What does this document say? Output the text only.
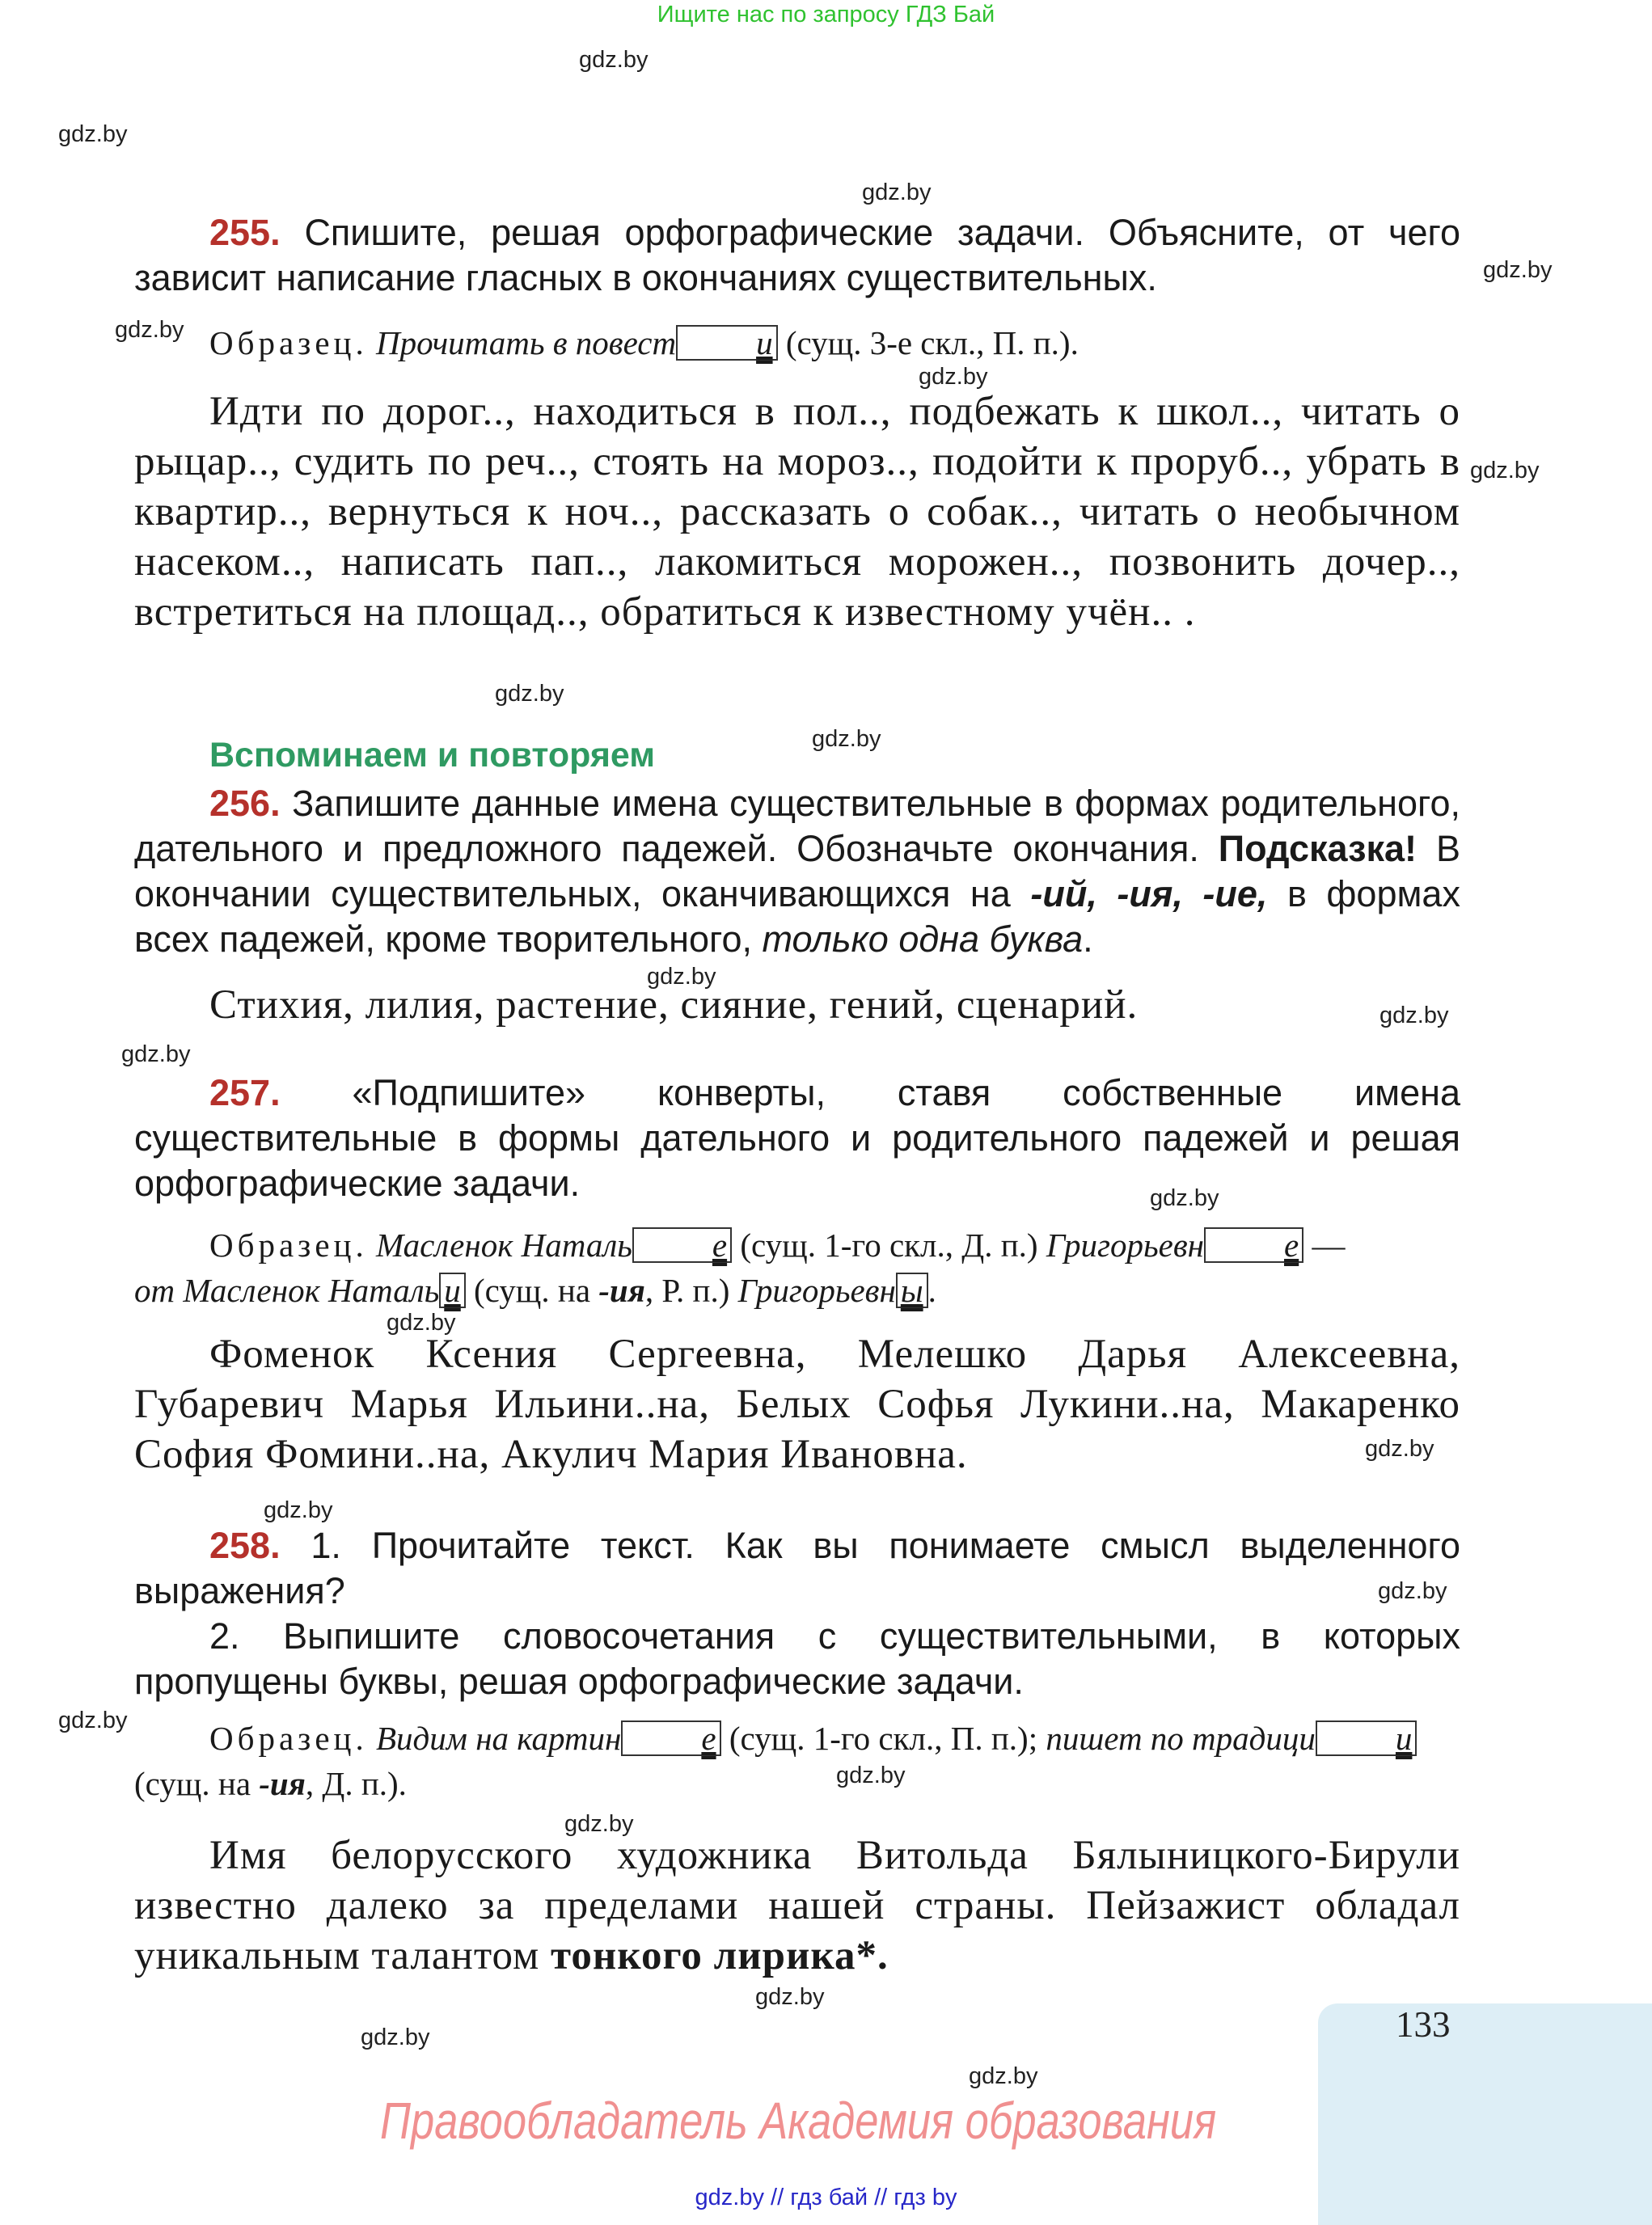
Ищите нас по запросу ГДЗ Бай
gdz.by
gdz.by
gdz.by
gdz.by
gdz.by
gdz.by
gdz.by
gdz.by
gdz.by
gdz.by
gdz.by
gdz.by
gdz.by
gdz.by
gdz.by
gdz.by
gdz.by
gdz.by
gdz.by
gdz.by
gdz.by
gdz.by
gdz.by

255. Спишите, решая орфографические задачи. Объясните, от чего зависит написание гласных в окончаниях существительных.

Образец. Прочитать в повест и (сущ. 3-е скл., П. п.).

Идти по дорог.., находиться в пол.., подбежать к школ.., читать о рыцар.., судить по реч.., стоять на мороз.., подойти к проруб.., убрать в квартир.., вернуться к ноч.., рассказать о собак.., читать о необычном насеком.., написать пап.., лакомиться морожен.., позвонить дочер.., встретиться на площад.., обратиться к известному учён.. .

Вспоминаем и повторяем

256. Запишите данные имена существительные в формах родительного, дательного и предложного падежей. Обозначьте окончания. Подсказка! В окончании существительных, оканчивающихся на -ий, -ия, -ие, в формах всех падежей, кроме творительного, только одна буква.

Стихия, лилия, растение, сияние, гений, сценарий.

257. «Подпишите» конверты, ставя собственные имена существительные в формы дательного и родительного падежей и решая орфографические задачи.

Образец. Масленок Наталь е (сущ. 1-го скл., Д. п.) Григорьевн е —

от Масленок Наталь и (сущ. на -ия, Р. п.) Григорьевн ы .

Фоменок Ксения Сергеевна, Мелешко Дарья Алексеевна, Губаревич Марья Ильини..на, Белых Софья Лукини..на, Макаренко София Фомини..на, Акулич Мария Ивановна.

258. 1. Прочитайте текст. Как вы понимаете смысл выделенного выражения?

2. Выпишите словосочетания с существительными, в которых пропущены буквы, решая орфографические задачи.

Образец. Видим на картин е (сущ. 1-го скл., П. п.); пишет по традици и (сущ. на -ия, Д. п.).

Имя белорусского художника Витольда Бялыницкого-Бирули известно далеко за пределами нашей страны. Пейзажист обладал уникальным талантом тонкого лирика*.

133
Правообладатель Академия образования
gdz.by // гдз бай // гдз by
